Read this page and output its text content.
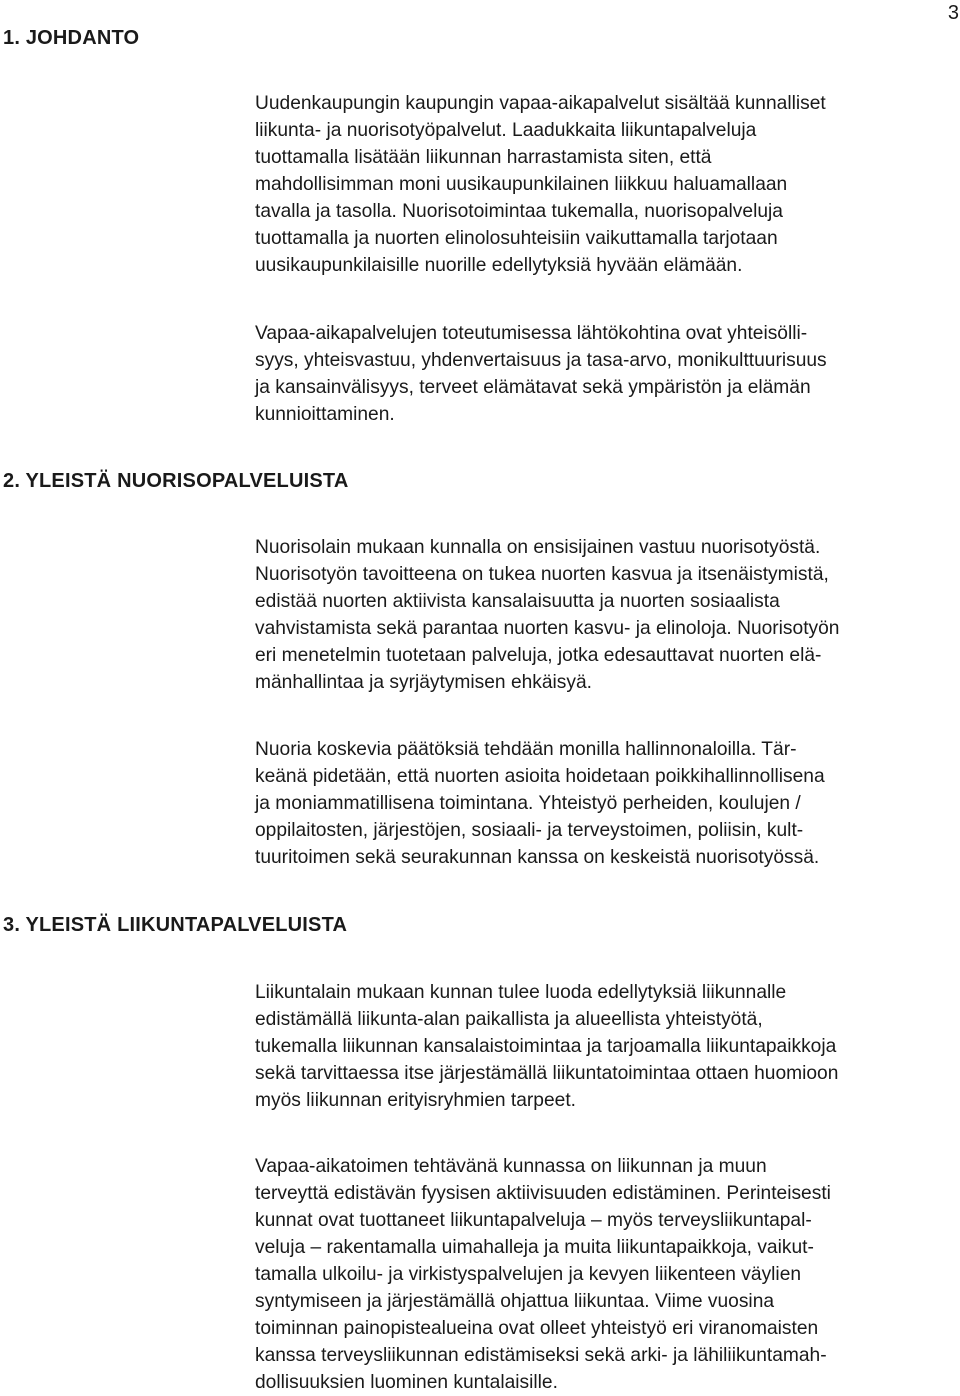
3
1. JOHDANTO

Uudenkaupungin kaupungin vapaa-aikapalvelut sisältää kunnalliset
liikunta- ja nuorisotyöpalvelut. Laadukkaita liikuntapalveluja
tuottamalla lisätään liikunnan harrastamista siten, että
mahdollisimman moni uusikaupunkilainen liikkuu haluamallaan
tavalla ja tasolla. Nuorisotoimintaa tukemalla, nuorisopalveluja
tuottamalla ja nuorten elinolosuhteisiin vaikuttamalla tarjotaan
uusikaupunkilaisille nuorille edellytyksiä hyvään elämään.

Vapaa-aikapalvelujen toteutumisessa lähtökohtina ovat yhteisölli-
syys, yhteisvastuu, yhdenvertaisuus ja tasa-arvo, monikulttuurisuus
ja kansainvälisyys, terveet elämätavat sekä ympäristön ja elämän
kunnioittaminen.

2. YLEISTÄ NUORISOPALVELUISTA

Nuorisolain mukaan kunnalla on ensisijainen vastuu nuorisotyöstä.
Nuorisotyön tavoitteena on tukea nuorten kasvua ja itsenäistymistä,
edistää nuorten aktiivista kansalaisuutta ja nuorten sosiaalista
vahvistamista sekä parantaa nuorten kasvu- ja elinoloja. Nuorisotyön
eri menetelmin tuotetaan palveluja, jotka edesauttavat nuorten elä-
mänhallintaa ja syrjäytymisen ehkäisyä.

Nuoria koskevia päätöksiä tehdään monilla hallinnonaloilla. Tär-
keänä pidetään, että nuorten asioita hoidetaan poikkihallinnollisena
ja moniammatillisena toimintana. Yhteistyö perheiden, koulujen /
oppilaitosten, järjestöjen, sosiaali- ja terveystoimen, poliisin, kult-
tuuritoimen sekä seurakunnan kanssa on keskeistä nuorisotyössä.

3. YLEISTÄ LIIKUNTAPALVELUISTA

Liikuntalain mukaan kunnan tulee luoda edellytyksiä liikunnalle
edistämällä liikunta-alan paikallista ja alueellista yhteistyötä,
tukemalla liikunnan kansalaistoimintaa ja tarjoamalla liikuntapaikkoja
sekä tarvittaessa itse järjestämällä liikuntatoimintaa ottaen huomioon
myös liikunnan erityisryhmien tarpeet.

Vapaa-aikatoimen tehtävänä kunnassa on liikunnan ja muun
terveyttä edistävän fyysisen aktiivisuuden edistäminen. Perinteisesti
kunnat ovat tuottaneet liikuntapalveluja – myös terveysliikuntapal-
veluja – rakentamalla uimahalleja ja muita liikuntapaikkoja, vaikut-
tamalla ulkoilu- ja virkistyspalvelujen ja kevyen liikenteen väylien
syntymiseen ja järjestämällä ohjattua liikuntaa. Viime vuosina
toiminnan painopistealueina ovat olleet yhteistyö eri viranomaisten
kanssa terveysliikunnan edistämiseksi sekä arki- ja lähiliikuntamah-
dollisuuksien luominen kuntalaisille.
